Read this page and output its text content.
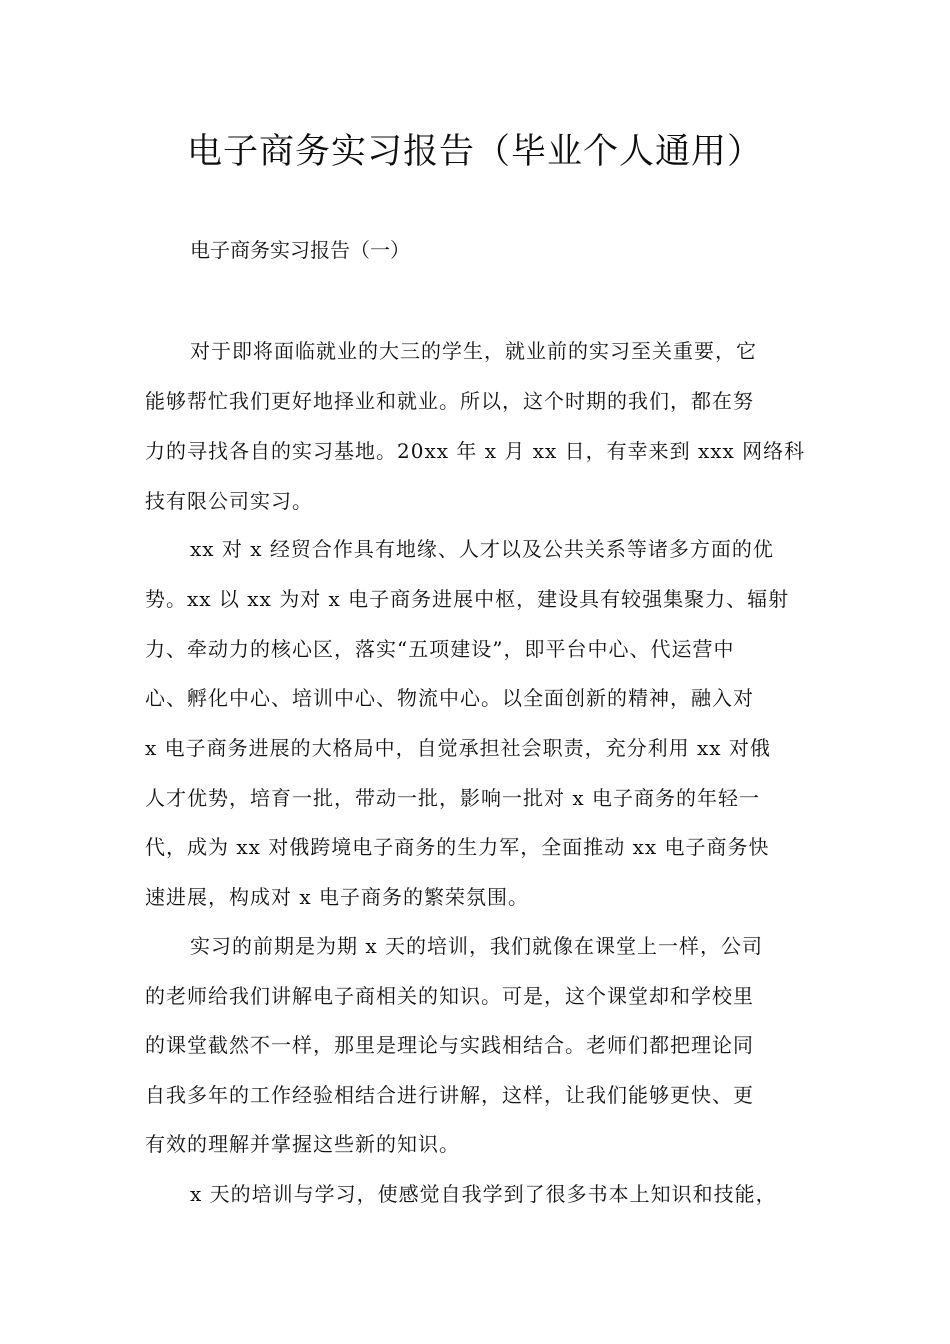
电子商务实习报告（毕业个人通用）
电子商务实习报告（一）
对于即将面临就业的大三的学生，就业前的实习至关重要，它
能够帮忙我们更好地择业和就业。所以，这个时期的我们，都在努
力的寻找各自的实习基地。20xx 年 x 月 xx 日，有幸来到 xxx 网络科
技有限公司实习。
xx 对 x 经贸合作具有地缘、人才以及公共关系等诸多方面的优
势。xx 以 xx 为对 x 电子商务进展中枢，建设具有较强集聚力、辐射
力、牵动力的核心区，落实“五项建设”，即平台中心、代运营中
心、孵化中心、培训中心、物流中心。以全面创新的精神，融入对
x 电子商务进展的大格局中，自觉承担社会职责，充分利用 xx 对俄
人才优势，培育一批，带动一批，影响一批对 x 电子商务的年轻一
代，成为 xx 对俄跨境电子商务的生力军，全面推动 xx 电子商务快
速进展，构成对 x 电子商务的繁荣氛围。
实习的前期是为期 x 天的培训，我们就像在课堂上一样，公司
的老师给我们讲解电子商相关的知识。可是，这个课堂却和学校里
的课堂截然不一样，那里是理论与实践相结合。老师们都把理论同
自我多年的工作经验相结合进行讲解，这样，让我们能够更快、更
有效的理解并掌握这些新的知识。
x 天的培训与学习，使感觉自我学到了很多书本上知识和技能，
